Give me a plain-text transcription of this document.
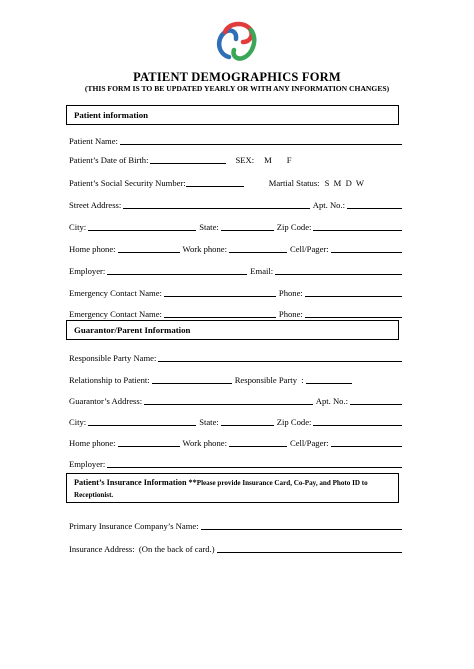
PATIENT DEMOGRAPHICS FORM
(THIS FORM IS TO BE UPDATED YEARLY OR WITH ANY INFORMATION CHANGES)
Patient information
Patient Name:
Patient’s Date of Birth:	SEX: M F
Patient’s Social Security Number:	Martial Status: S  M  D  W
Street Address:	Apt. No.:
City:	State:	Zip Code:
Home phone:	Work phone:	Cell/Pager:
Employer:	Email:
Emergency Contact Name:	Phone:
Emergency Contact Name:	Phone:
Guarantor/Parent Information
Responsible Party Name:
Relationship to Patient:	Responsible Party  :
Guarantor’s Address:	Apt. No.:
City:	State:	Zip Code:
Home phone:	Work phone:	Cell/Pager:
Employer:
Patient’s Insurance Information **Please provide Insurance Card, Co-Pay, and Photo ID to Receptionist.
Primary Insurance Company’s Name:
Insurance Address:  (On the back of card.)
